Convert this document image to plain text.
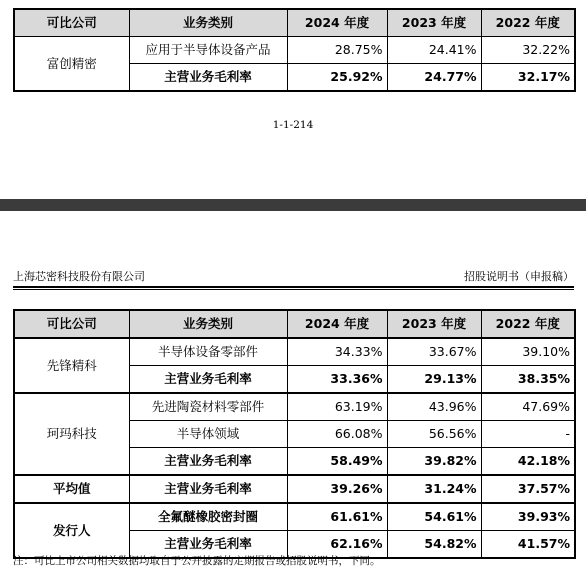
可比公司	业务类别	2024 年度	2023 年度	2022 年度
富创精密	应用于半导体设备产品	28.75%	24.41%	32.22%
	主营业务毛利率	25.92%	24.77%	32.17%
1-1-214
上海芯密科技股份有限公司	招股说明书（申报稿）
可比公司	业务类别	2024 年度	2023 年度	2022 年度
先锋精科	半导体设备零部件	34.33%	33.67%	39.10%
	主营业务毛利率	33.36%	29.13%	38.35%
珂玛科技	先进陶瓷材料零部件	63.19%	43.96%	47.69%
	半导体领域	66.08%	56.56%	-
	主营业务毛利率	58.49%	39.82%	42.18%
平均值	主营业务毛利率	39.26%	31.24%	37.57%
发行人	全氟醚橡胶密封圈	61.61%	54.61%	39.93%
	主营业务毛利率	62.16%	54.82%	41.57%
注：可比上市公司相关数据均取自于公开披露的定期报告或招股说明书，下同。
